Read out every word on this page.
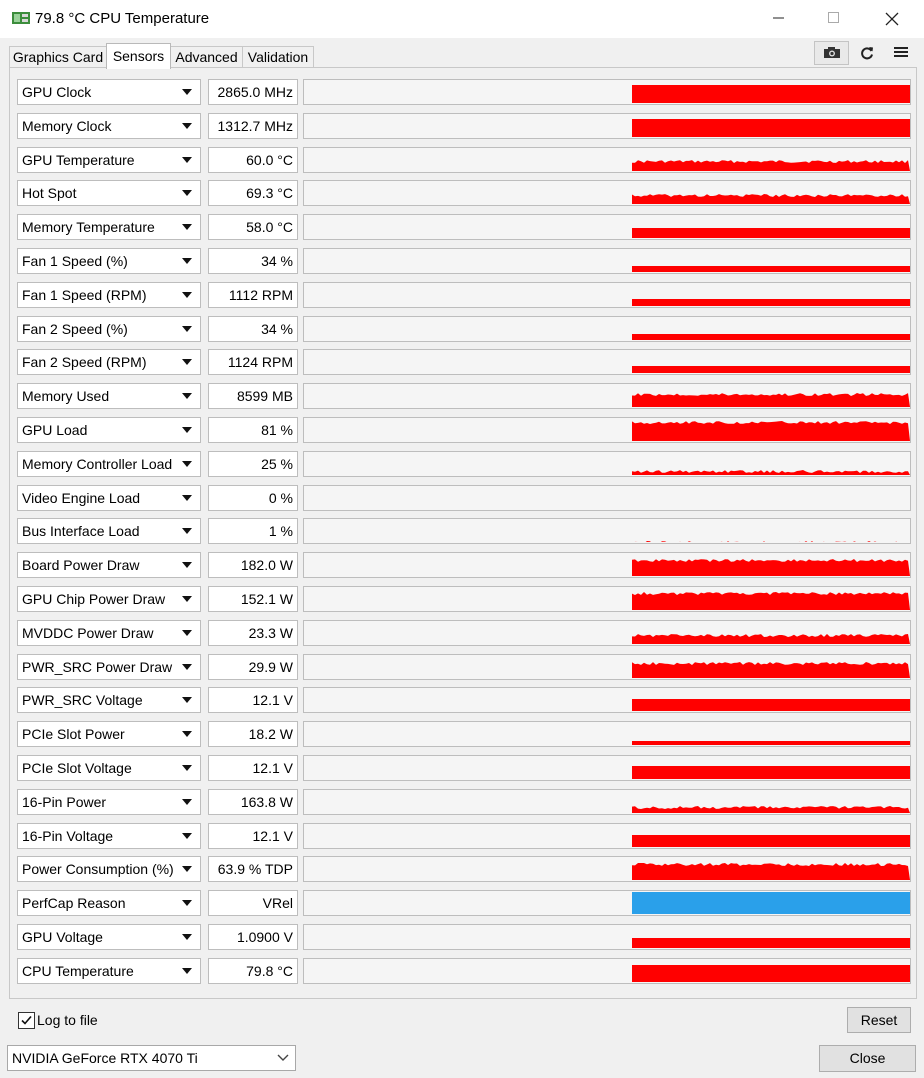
79.8 °C CPU Temperature
Graphics Card Sensors Advanced Validation
GPU Clock	2865.0 MHz
Memory Clock	1312.7 MHz
GPU Temperature	60.0 °C
Hot Spot	69.3 °C
Memory Temperature	58.0 °C
Fan 1 Speed (%)	34 %
Fan 1 Speed (RPM)	1112 RPM
Fan 2 Speed (%)	34 %
Fan 2 Speed (RPM)	1124 RPM
Memory Used	8599 MB
GPU Load	81 %
Memory Controller Load	25 %
Video Engine Load	0 %
Bus Interface Load	1 %
Board Power Draw	182.0 W
GPU Chip Power Draw	152.1 W
MVDDC Power Draw	23.3 W
PWR_SRC Power Draw	29.9 W
PWR_SRC Voltage	12.1 V
PCIe Slot Power	18.2 W
PCIe Slot Voltage	12.1 V
16-Pin Power	163.8 W
16-Pin Voltage	12.1 V
Power Consumption (%)	63.9 % TDP
PerfCap Reason	VRel
GPU Voltage	1.0900 V
CPU Temperature	79.8 °C
Log to file	Reset
NVIDIA GeForce RTX 4070 Ti	Close
